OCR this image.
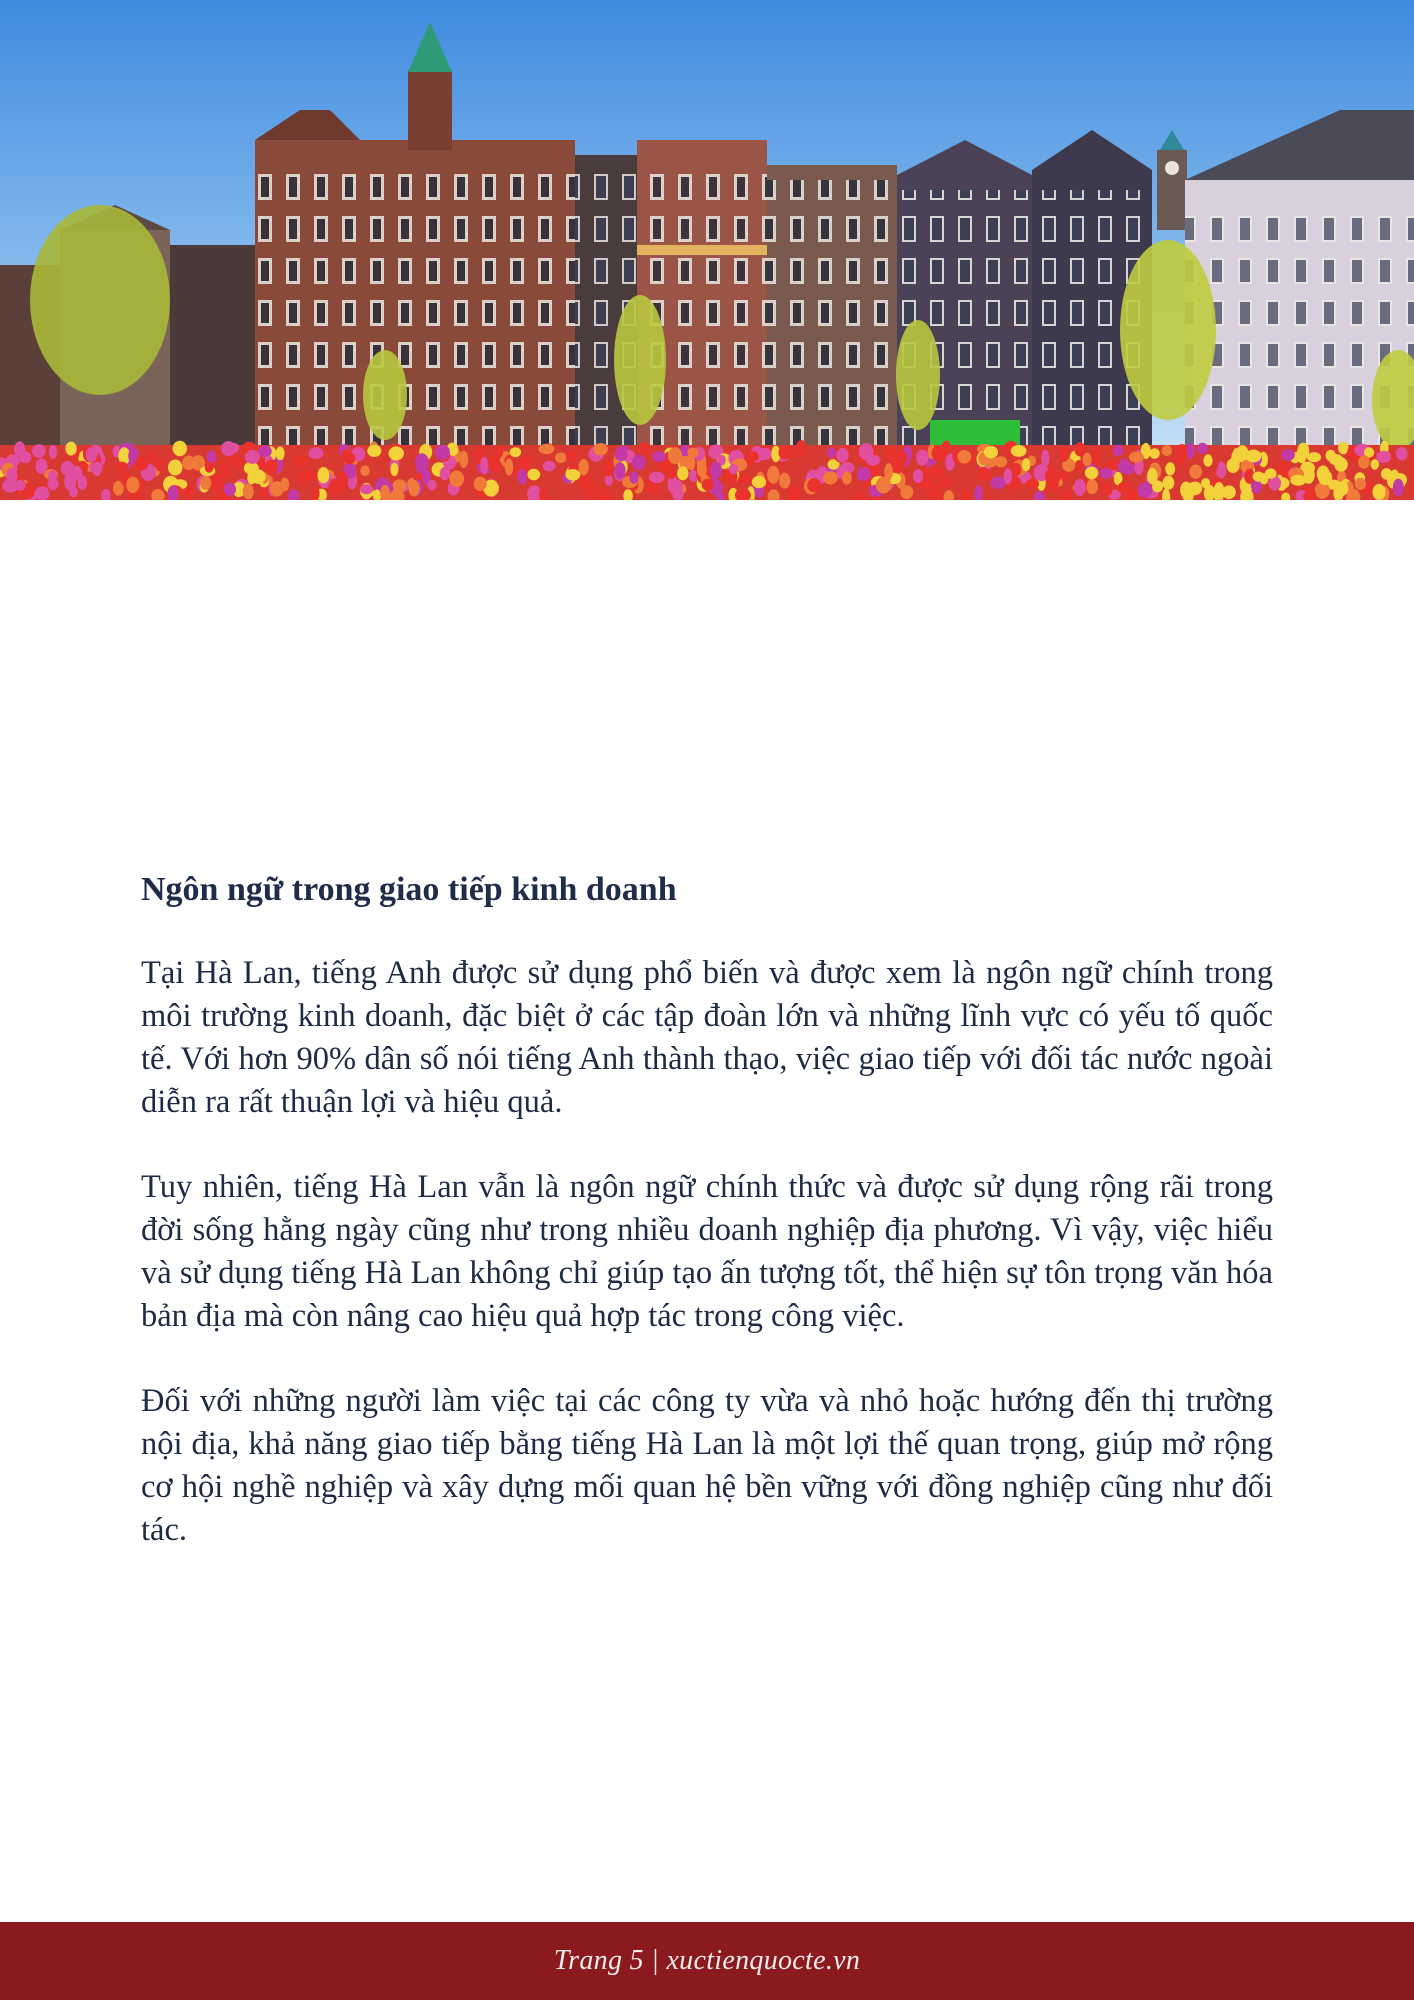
Ngôn ngữ trong giao tiếp kinh doanh

Tại Hà Lan, tiếng Anh được sử dụng phổ biến và được xem là ngôn ngữ chính trong môi trường kinh doanh, đặc biệt ở các tập đoàn lớn và những lĩnh vực có yếu tố quốc tế. Với hơn 90% dân số nói tiếng Anh thành thạo, việc giao tiếp với đối tác nước ngoài diễn ra rất thuận lợi và hiệu quả.

Tuy nhiên, tiếng Hà Lan vẫn là ngôn ngữ chính thức và được sử dụng rộng rãi trong đời sống hằng ngày cũng như trong nhiều doanh nghiệp địa phương. Vì vậy, việc hiểu và sử dụng tiếng Hà Lan không chỉ giúp tạo ấn tượng tốt, thể hiện sự tôn trọng văn hóa bản địa mà còn nâng cao hiệu quả hợp tác trong công việc.

Đối với những người làm việc tại các công ty vừa và nhỏ hoặc hướng đến thị trường nội địa, khả năng giao tiếp bằng tiếng Hà Lan là một lợi thế quan trọng, giúp mở rộng cơ hội nghề nghiệp và xây dựng mối quan hệ bền vững với đồng nghiệp cũng như đối tác.

Trang 5 | xuctienquocte.vn
